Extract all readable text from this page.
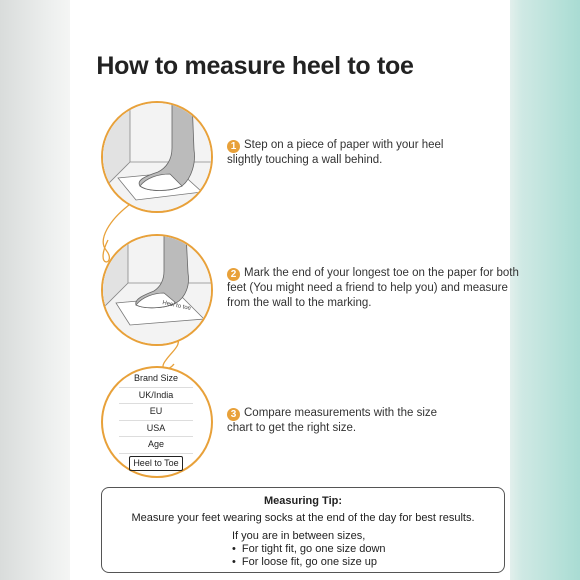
How to measure heel to toe
Heel to toe
Brand Size
UK/India
EU
USA
Age
Heel to Toe
1 Step on a piece of paper with your heel slightly touching a wall behind.
2 Mark the end of your longest toe on the paper for both feet (You might need a friend to help you) and measure from the wall to the marking.
3 Compare measurements with the size chart to get the right size.
Measuring Tip:
Measure your feet wearing socks at the end of the day for best results.
If you are in between sizes,
• For tight fit, go one size down
• For loose fit, go one size up
